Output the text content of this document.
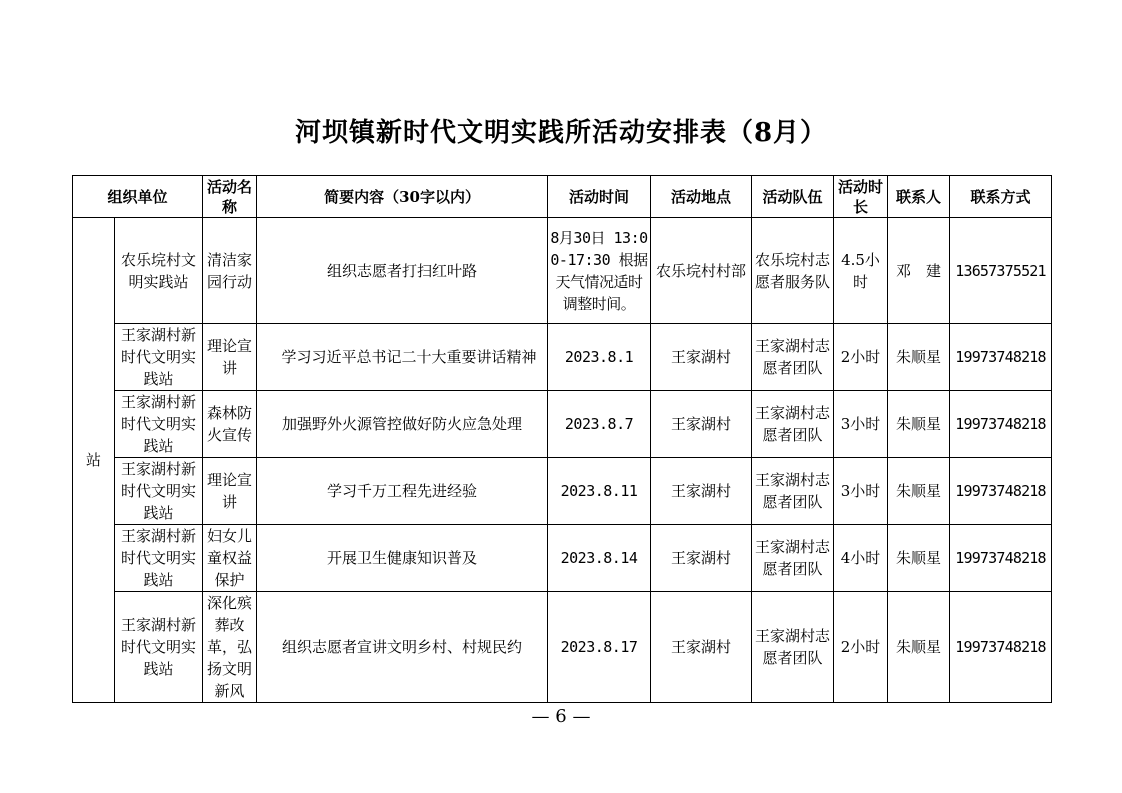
河坝镇新时代文明实践所活动安排表（8月）
组织单位		活动名称	简要内容（30字以内）	活动时间	活动地点	活动队伍	活动时长	联系人	联系方式
站	农乐垸村文明实践站	清洁家园行动	组织志愿者打扫红叶路	8月30日 13:00-17:30 根据天气情况适时调整时间。	农乐垸村村部	农乐垸村志愿者服务队	4.5小时	邓　建	13657375521
	王家湖村新时代文明实践站	理论宣讲	学习习近平总书记二十大重要讲话精神	2023.8.1	王家湖村	王家湖村志愿者团队	2小时	朱顺星	19973748218
	王家湖村新时代文明实践站	森林防火宣传	加强野外火源管控做好防火应急处理	2023.8.7	王家湖村	王家湖村志愿者团队	3小时	朱顺星	19973748218
	王家湖村新时代文明实践站	理论宣讲	学习千万工程先进经验	2023.8.11	王家湖村	王家湖村志愿者团队	3小时	朱顺星	19973748218
	王家湖村新时代文明实践站	妇女儿童权益保护	开展卫生健康知识普及	2023.8.14	王家湖村	王家湖村志愿者团队	4小时	朱顺星	19973748218
	王家湖村新时代文明实践站	深化殡葬改革，弘扬文明新风	组织志愿者宣讲文明乡村、村规民约	2023.8.17	王家湖村	王家湖村志愿者团队	2小时	朱顺星	19973748218
— 6 —
